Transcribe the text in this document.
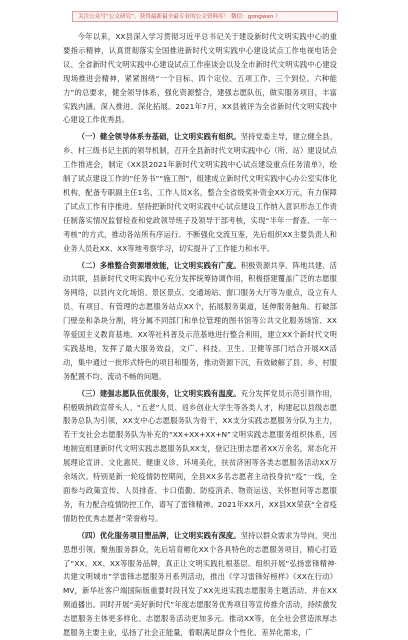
关注公众号“公文研究”，获得最新最全最专业的公文资料库！ 微信：gongwen ）

今年以来，XX县深入学习贯彻习近平总书记关于建设新时代文明实践中心的重要指示精神，认真贯彻落实全国推进新时代文明实践中心建设试点工作电视电话会议、全省新时代文明实践中心建设试点工作座谈会以及全市新时代文明实践中心建设现场推进会精神，紧紧围绕“一个目标、四个定位、五项工作、三个到位、六种能力”的总要求，健全领导体系，强化资源整合，建强志愿队伍，做实服务项目，丰富实践内涵，深入推进、深化拓展。2021年7月，XX县被评为全省新时代文明实践中心建设工作优秀县。

（一）健全领导体系夯基础，让文明实践有组织。坚持党委主导，建立健全县、乡、村三级书记主抓的领导机制，召开全县新时代文明实践中心（所、站）建设试点工作推进会，制定《XX县2021年新时代文明实践中心试点建设重点任务清单》，绘制了试点建设工作的“任务书”“施工图”，组建成立新时代文明实践中心办公室实体化机构，配备专职副主任1名，工作人员X名，整合全省级奖补资金XX万元，有力保障了试点工作有序推进。坚持把新时代文明实践中心试点建设工作纳入意识形态工作责任制落实情况监督检查和党政领导班子及领导干部考核，实现“半年一督查、一年一考核”的方式，推动各站所有序运行。不断强化交流互鉴，先后组织XX主要负责人和业务人员赴XX、XX等地考察学习，切实提升了工作能力和水平。

（二）多维整合资源增效能，让文明实践有广度。积极资源共享、阵地共建、活动共联，县新时代文明实践中心充分发挥统筹协调作用，积极搭建覆盖广泛的志愿服务网络，以县内文化场馆、景区景点、交通场站、窗口服务大厅等为重点，设立有人员、有项目、有管理的志愿服务站点XX个，拓展服务渠道，延伸服务触角。打破部门壁垒和条块分割，将分属不同部门和单位管理的图书馆等公共文化服务场馆、XX等爱国主义教育基地、XX等社科普及示范基地进行整合利用，建立XX个新时代文明实践基地，发挥了最大服务效益，文广、科技、卫生、卫健等部门结合开展XX活动，集中通过一批形式特色的项目和服务，推动资源下沉，有效破解了县、乡、村服务配置不均、流动不畅的问题。

（三）建强志愿队伍优服务，让文明实践有温度。充分发挥党员示范引领作用，积极吸纳政宣带头人、“五老”人员、返乡创业大学生等各类人才，构建起以县级志愿服务总队为引领，XX支中心志愿服务队为骨干，XX支分实践志愿服务分队为主力，若干支社会志愿服务队为补充的“XX+XX+XX+N”文明实践志愿服务组织体系，因地制宜组建新时代文明实践志愿服务队XX支，登记注册志愿者XX万余名，常态化开展理论宣讲、文化惠民、健康义诊、环境美化，扶贫济困等各类志愿服务活动XX万余场次。特别是新一轮疫情防控期间，全县XX多名志愿者主动投身抗“疫”一线，全面参与政策宣传、人员排查、卡口值勤、防疫消杀、物资运送、关怀慰问等志愿服务，有力配合疫情防控工作，谱写了雷锋精神。2021年XX月，XX县XX荣获“全省疫情防控优秀志愿者”荣誉称号。

（四）优化服务项目塑品牌，让文明实践有深度。坚持以群众需求为导向，突出思想引领，聚焦服务群众，先后培育孵化XX个各具特色的志愿服务项目，精心打造了“XX、XX、XX等服务品牌，真正让文明实践扎根基层。组织开展“弘扬雷锋精神·共建文明城市”学雷锋志愿服务月系列活动，推出《学习雷锋好榜样》《XX在行动》MV，新华社客户端国际版重要时段刊发了XX先进实践志愿服务主题活动、并在XX频道播出。同时开展“美好新时代”年度志愿服务优秀项目等宣传推介活动，持续激发志愿服务主体更多样化、志愿服务活动更加多元。推动XX等，在全社会营造浓厚志愿服务主要主业，弘扬了社会正能量，着眼满足群众个性化、差异化需求，广
